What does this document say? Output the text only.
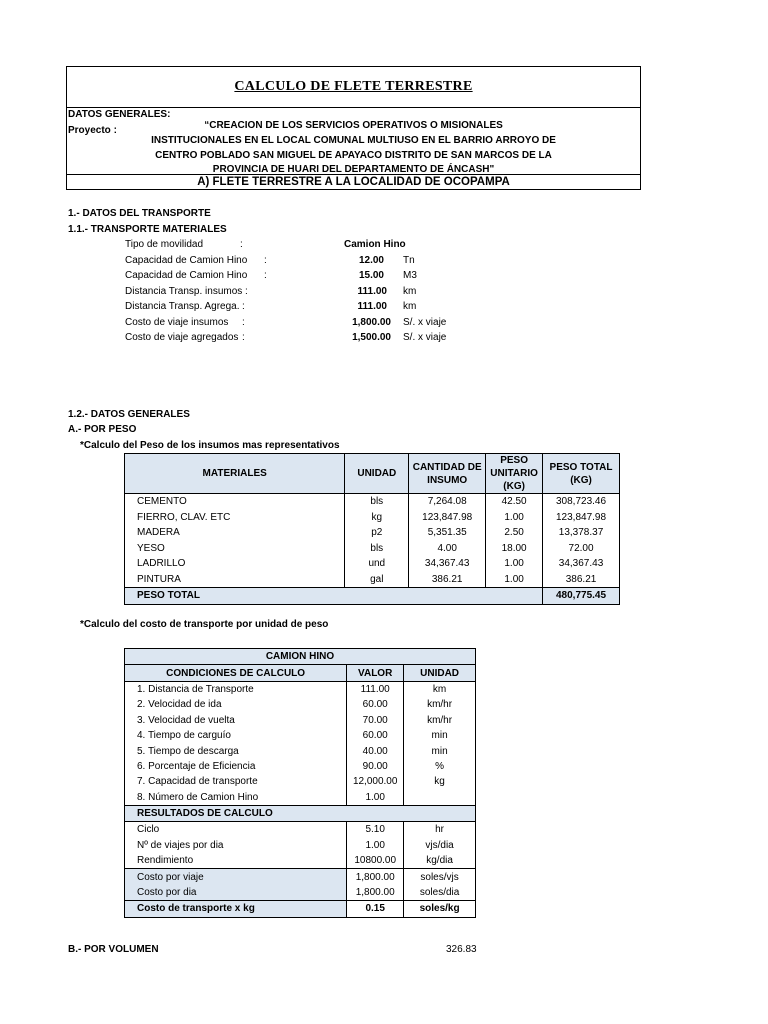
CALCULO DE FLETE TERRESTRE
A) FLETE TERRESTRE A LA LOCALIDAD DE OCOPAMPA
DATOS GENERALES:
Proyecto :	“CREACION DE LOS SERVICIOS OPERATIVOS O MISIONALES
INSTITUCIONALES EN EL LOCAL COMUNAL MULTIUSO EN EL BARRIO ARROYO DE
CENTRO POBLADO SAN MIGUEL DE APAYACO DISTRITO DE SAN MARCOS DE LA
PROVINCIA DE HUARI DEL DEPARTAMENTO DE ÁNCASH"
1.- DATOS DEL TRANSPORTE
1.1.- TRANSPORTE MATERIALES
Tipo de movilidad	:	Camion Hino
Capacidad de Camion Hino :	12.00 Tn
Capacidad de Camion Hino :	15.00 M3
Distancia Transp. insumos :	111.00 km
Distancia Transp. Agrega. :	111.00 km
Costo de viaje insumos :	1,800.00 S/. x viaje
Costo de viaje agregados :	1,500.00 S/. x viaje
1.2.- DATOS GENERALES
A.- POR PESO
*Calculo del Peso de los insumos mas representativos
MATERIALES	UNIDAD	CANTIDAD DE INSUMO	PESO UNITARIO (KG)	PESO TOTAL (KG)
CEMENTO	bls	7,264.08	42.50	308,723.46
FIERRO, CLAV. ETC	kg	123,847.98	1.00	123,847.98
MADERA	p2	5,351.35	2.50	13,378.37
YESO	bls	4.00	18.00	72.00
LADRILLO	und	34,367.43	1.00	34,367.43
PINTURA	gal	386.21	1.00	386.21
PESO TOTAL				480,775.45
*Calculo del costo de transporte por unidad de peso
CAMION HINO		
CONDICIONES DE CALCULO	VALOR	UNIDAD
1. Distancia de Transporte	111.00	km
2. Velocidad de ida	60.00	km/hr
3. Velocidad de vuelta	70.00	km/hr
4. Tiempo de carguío	60.00	min
5. Tiempo de descarga	40.00	min
6. Porcentaje de Eficiencia	90.00	%
7. Capacidad de transporte	12,000.00	kg
8. Número de Camion Hino	1.00	
RESULTADOS DE CALCULO		
Ciclo	5.10	hr
Nº de viajes por dia	1.00	vjs/dia
Rendimiento	10800.00	kg/dia
Costo por viaje	1,800.00	soles/vjs
Costo por dia	1,800.00	soles/dia
Costo de transporte x kg	0.15	soles/kg
B.- POR VOLUMEN	326.83
